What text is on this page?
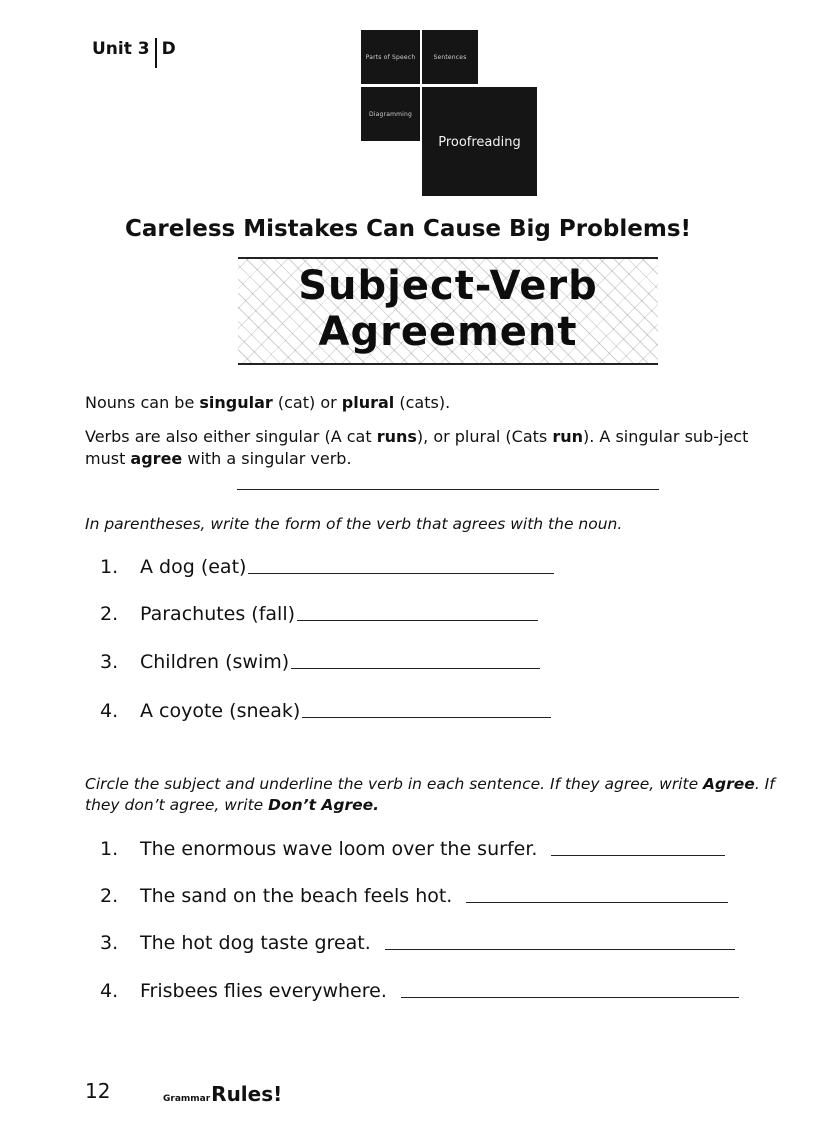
Unit 3 D	Parts of Speech	Sentences
Diagramming
Proofreading
Careless Mistakes Can Cause Big Problems!
Subject-Verb
Agreement
Nouns can be singular (cat) or plural (cats).
Verbs are also either singular (A cat runs), or plural (Cats run). A singular sub-ject must agree with a singular verb.
In parentheses, write the form of the verb that agrees with the noun.
1.	A dog (eat)
2.	Parachutes (fall)
3.	Children (swim)
4.	A coyote (sneak)
Circle the subject and underline the verb in each sentence. If they agree, write Agree. If they don’t agree, write Don’t Agree.
1.	The enormous wave loom over the surfer.
2.	The sand on the beach feels hot.
3.	The hot dog taste great.
4.	Frisbees flies everywhere.
12	Grammar Rules!
